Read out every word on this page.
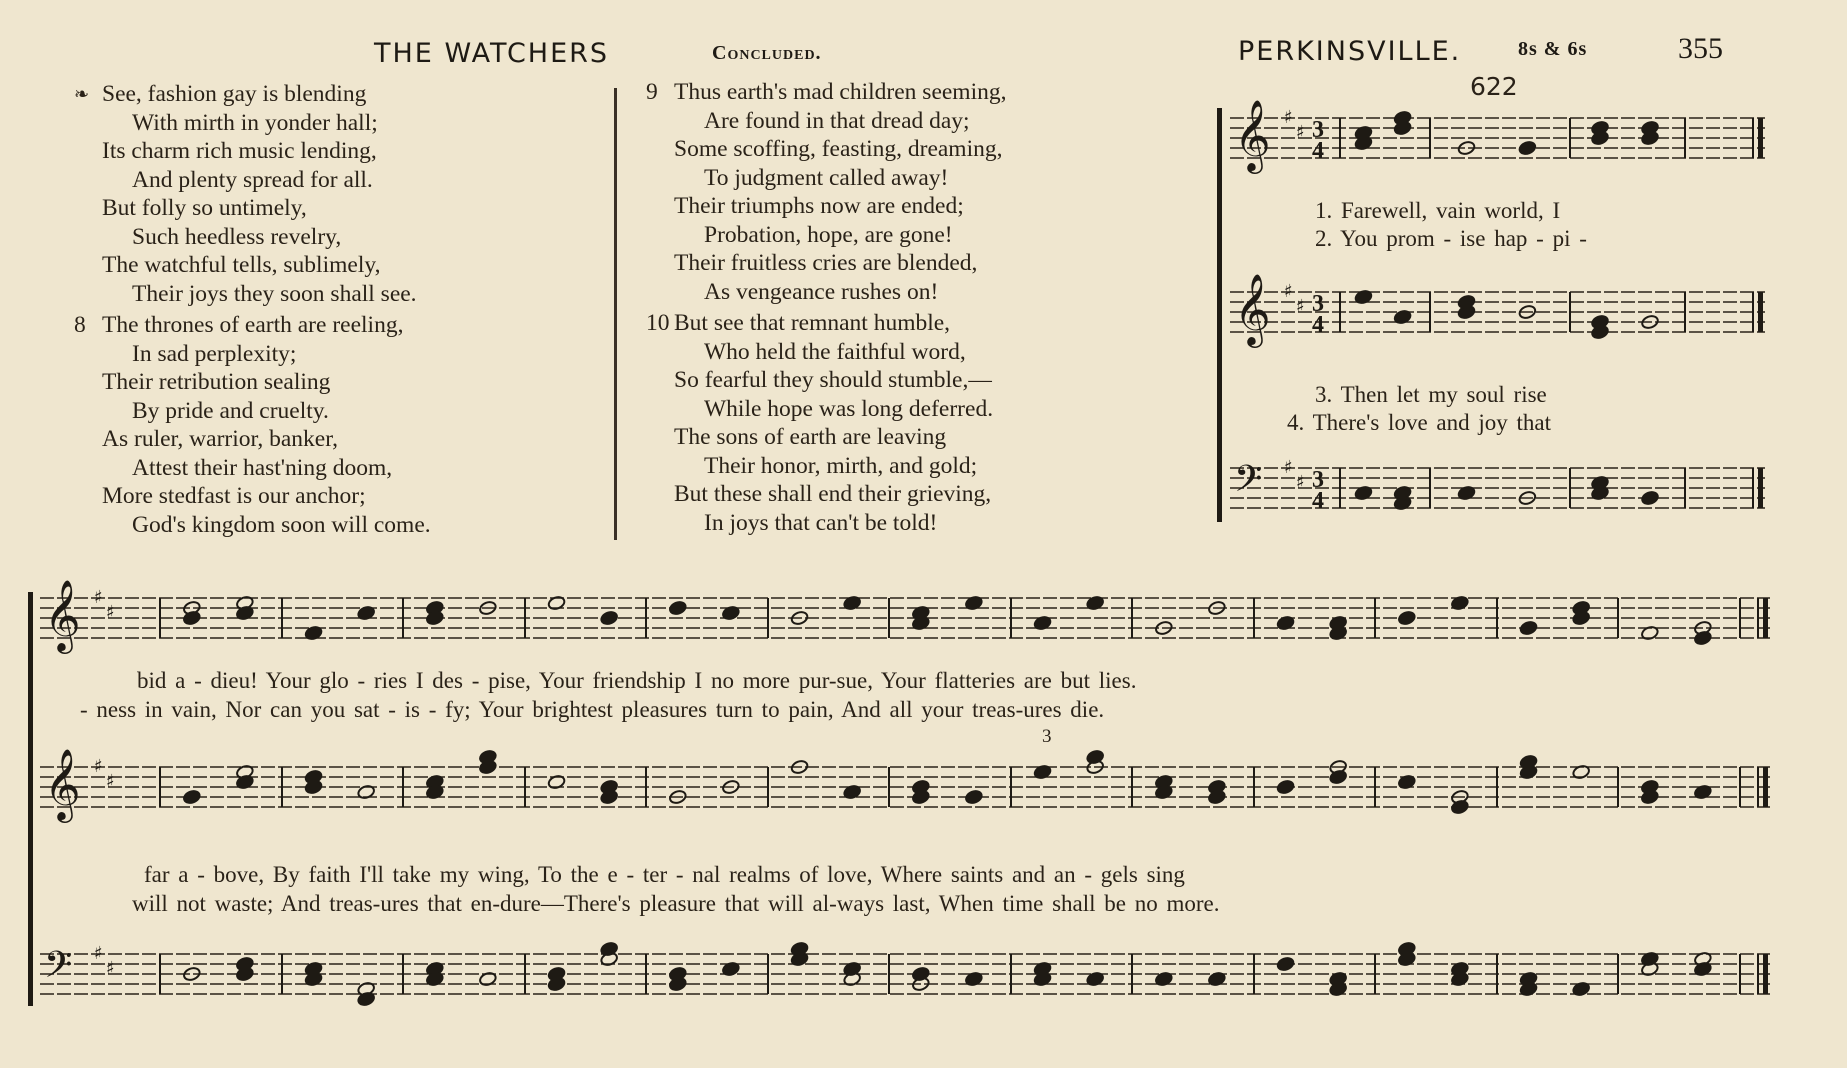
THE WATCHERS	Concluded.	PERKINSVILLE.	8s & 6s	355
See, fashion gay is blending
❧
With mirth in yonder hall;
Its charm rich music lending,
And plenty spread for all.
But folly so untimely,
Such heedless revelry,
The watchful tells, sublimely,
Their joys they soon shall see.
The thrones of earth are reeling,
8
In sad perplexity;
Their retribution sealing
By pride and cruelty.
As ruler, warrior, banker,
Attest their hast'ning doom,
More stedfast is our anchor;
God's kingdom soon will come.
Thus earth's mad children seeming,
9
Are found in that dread day;
Some scoffing, feasting, dreaming,
To judgment called away!
Their triumphs now are ended;
Probation, hope, are gone!
Their fruitless cries are blended,
As vengeance rushes on!
But see that remnant humble,
10
Who held the faithful word,
So fearful they should stumble,—
While hope was long deferred.
The sons of earth are leaving
Their honor, mirth, and gold;
But these shall end their grieving,
In joys that can't be told!
622
𝄞 ♯
♯ 3
4
1. Farewell, vain world, I
2. You prom - ise hap - pi -
𝄞 ♯
♯ 3
4
3. Then let my soul rise
4. There's love and joy that
𝄢 ♯
♯ 3
4
𝄞 ♯
♯
bid a - dieu! Your glo - ries I des - pise, Your friendship I no more pur-sue, Your flatteries are but lies.
- ness in vain, Nor can you sat - is - fy; Your brightest pleasures turn to pain, And all your treas-ures die.
3
𝄞 ♯
♯
far a - bove, By faith I'll take my wing, To the e - ter - nal realms of love, Where saints and an - gels sing
will not waste; And treas-ures that en-dure—There's pleasure that will al-ways last, When time shall be no more.
𝄢 ♯
♯
